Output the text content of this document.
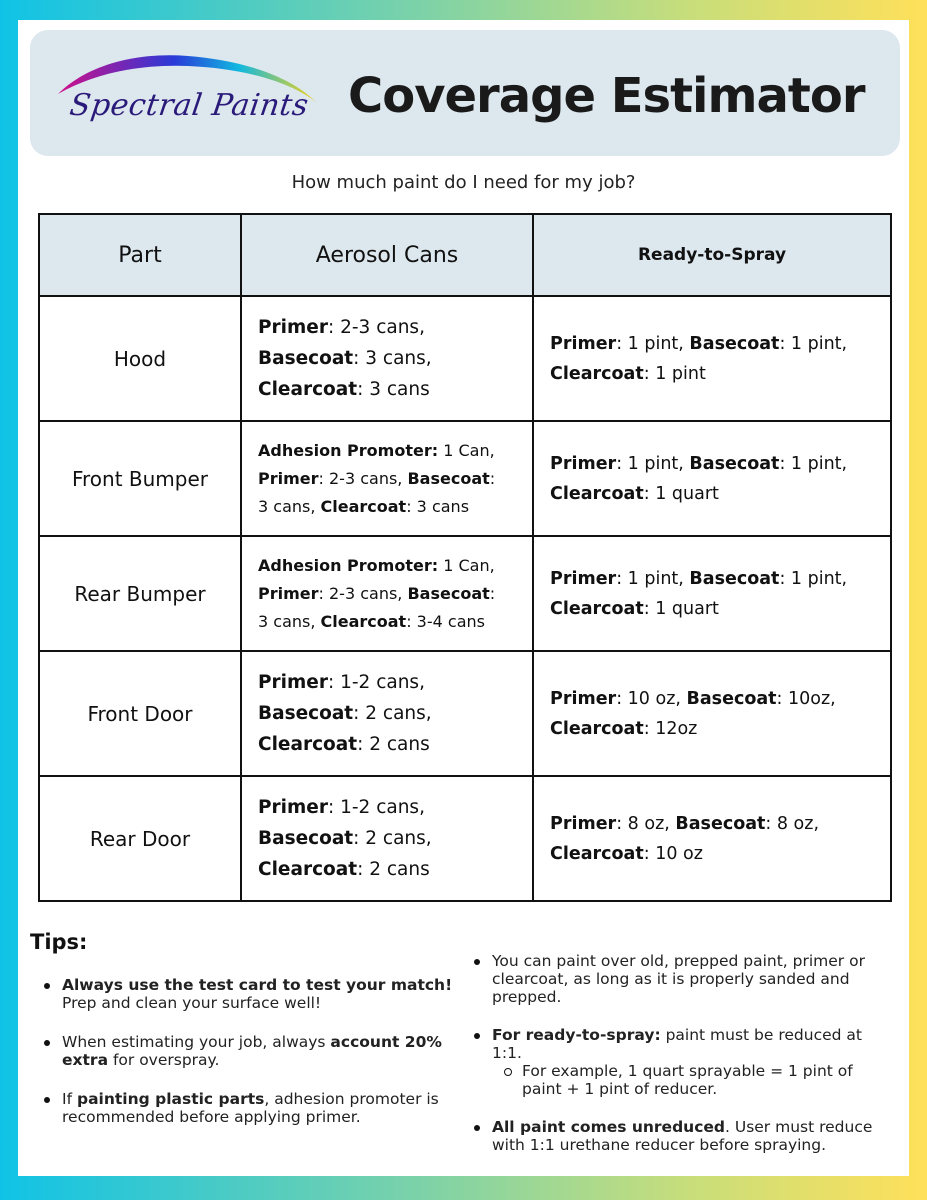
Spectral Paints Coverage Estimator
How much paint do I need for my job?
Part	Aerosol Cans	Ready-to-Spray
Hood	Primer: 2-3 cans,
Basecoat: 3 cans,
Clearcoat: 3 cans	Primer: 1 pint, Basecoat: 1 pint,
Clearcoat: 1 pint
Front Bumper	Adhesion Promoter: 1 Can,
Primer: 2-3 cans, Basecoat:
3 cans, Clearcoat: 3 cans	Primer: 1 pint, Basecoat: 1 pint,
Clearcoat: 1 quart
Rear Bumper	Adhesion Promoter: 1 Can,
Primer: 2-3 cans, Basecoat:
3 cans, Clearcoat: 3-4 cans	Primer: 1 pint, Basecoat: 1 pint,
Clearcoat: 1 quart
Front Door	Primer: 1-2 cans,
Basecoat: 2 cans,
Clearcoat: 2 cans	Primer: 10 oz, Basecoat: 10oz,
Clearcoat: 12oz
Rear Door	Primer: 1-2 cans,
Basecoat: 2 cans,
Clearcoat: 2 cans	Primer: 8 oz, Basecoat: 8 oz,
Clearcoat: 10 oz
Tips:
Always use the test card to test your match! Prep and clean your surface well!
When estimating your job, always account 20% extra for overspray.
If painting plastic parts, adhesion promoter is recommended before applying primer.
You can paint over old, prepped paint, primer or clearcoat, as long as it is properly sanded and prepped.
For ready-to-spray: paint must be reduced at 1:1.
For example, 1 quart sprayable = 1 pint of paint + 1 pint of reducer.
All paint comes unreduced. User must reduce with 1:1 urethane reducer before spraying.
